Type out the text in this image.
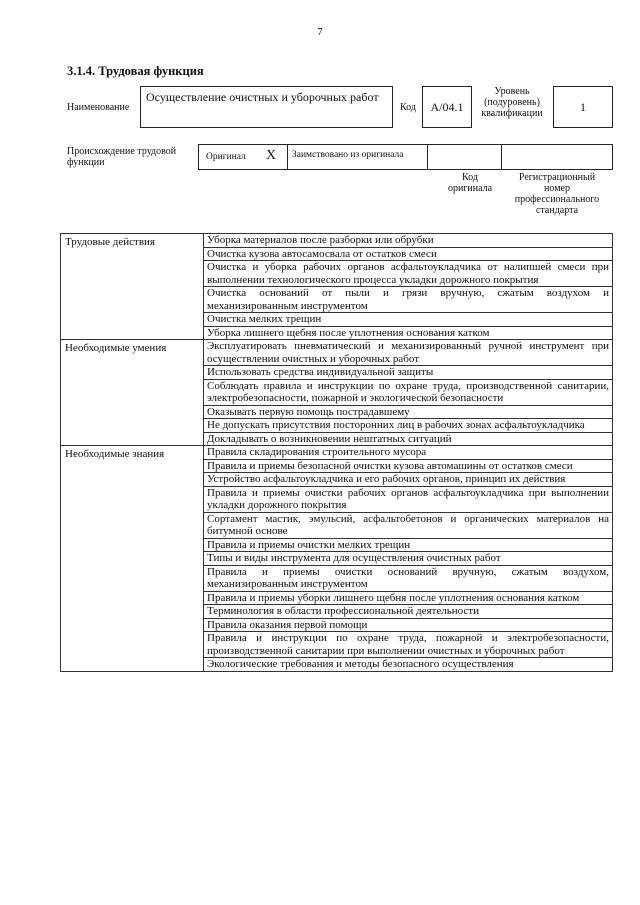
7
3.1.4. Трудовая функция
Наименование
Осуществление очистных и уборочных работ
Код	А/04.1
Уровень (подуровень) квалификации	1
Происхождение трудовой функции	Оригинал X Заимствовано из оригинала
Код оригинала
Регистрационный номер профессионального стандарта
Трудовые действия	Уборка материалов после разборки или обрубки
	Очистка кузова автосамосвала от остатков смеси
	Очистка и уборка рабочих органов асфальтоукладчика от налипшей смеси при выполнении технологического процесса укладки дорожного покрытия
	Очистка оснований от пыли и грязи вручную, сжатым воздухом и механизированным инструментом
	Очистка мелких трещин
	Уборка лишнего щебня после уплотнения основания катком
Необходимые умения	Эксплуатировать пневматический и механизированный ручной инструмент при осуществлении очистных и уборочных работ
	Использовать средства индивидуальной защиты
	Соблюдать правила и инструкции по охране труда, производственной санитарии, электробезопасности, пожарной и экологической безопасности
	Оказывать первую помощь пострадавшему
	Не допускать присутствия посторонних лиц в рабочих зонах асфальтоукладчика
	Докладывать о возникновении нештатных ситуаций
Необходимые знания	Правила складирования строительного мусора
	Правила и приемы безопасной очистки кузова автомашины от остатков смеси
	Устройство асфальтоукладчика и его рабочих органов, принцип их действия
	Правила и приемы очистки рабочих органов асфальтоукладчика при выполнении укладки дорожного покрытия
	Сортамент мастик, эмульсий, асфальтобетонов и органических материалов на битумной основе
	Правила и приемы очистки мелких трещин
	Типы и виды инструмента для осуществления очистных работ
	Правила и приемы очистки оснований вручную, сжатым воздухом, механизированным инструментом
	Правила и приемы уборки лишнего щебня после уплотнения основания катком
	Терминология в области профессиональной деятельности
	Правила оказания первой помощи
	Правила и инструкции по охране труда, пожарной и электробезопасности, производственной санитарии при выполнении очистных и уборочных работ
	Экологические требования и методы безопасного осуществления
